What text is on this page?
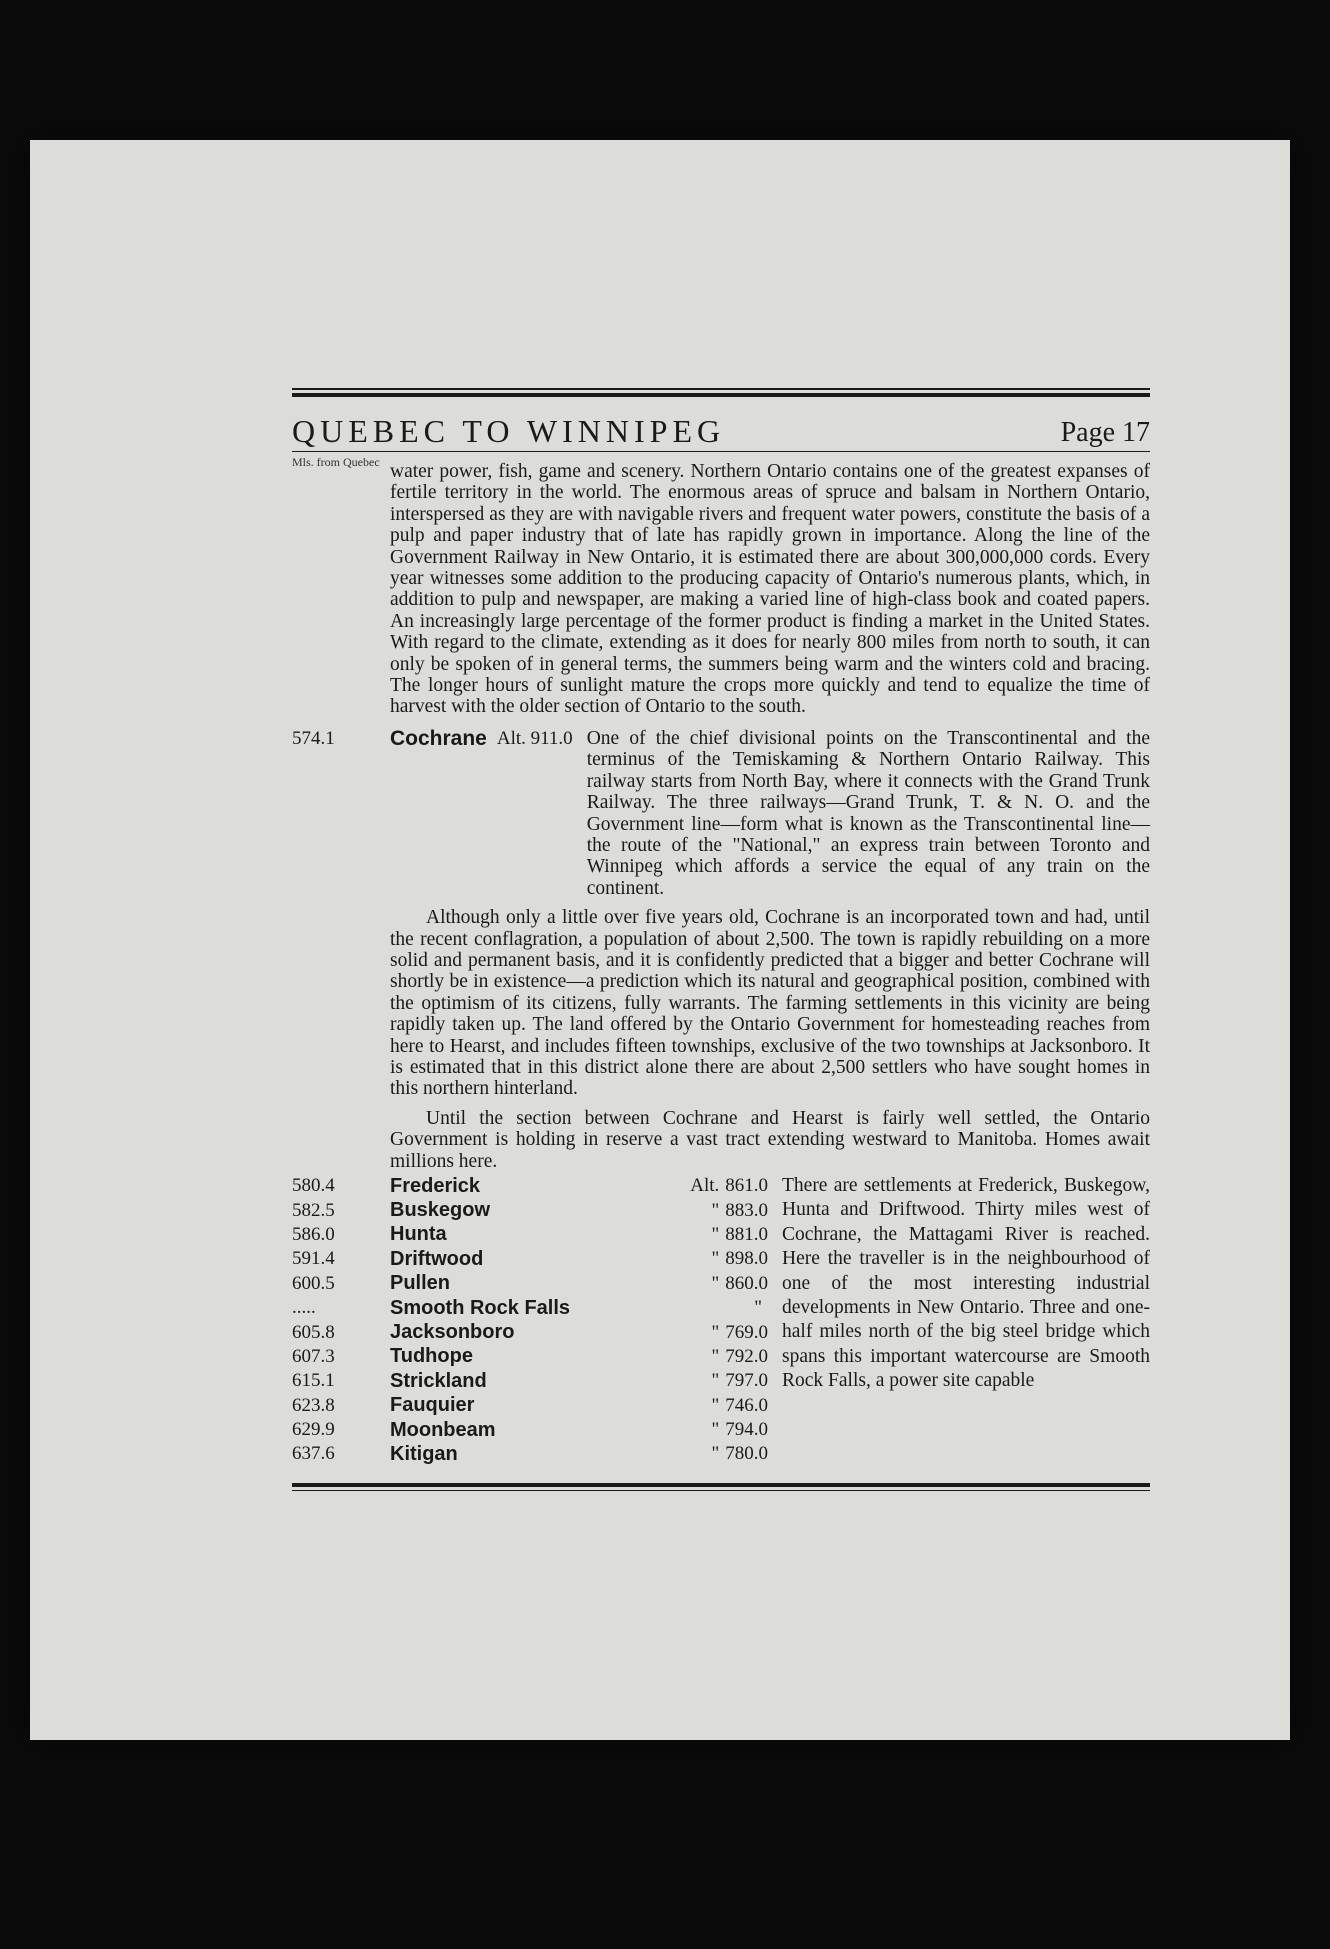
QUEBEC TO WINNIPEG	Page 17
Mls. from Quebec water power, fish, game and scenery. Northern Ontario contains one of the greatest expanses of fertile territory in the world. The enormous areas of spruce and balsam in Northern Ontario, interspersed as they are with navigable rivers and frequent water powers, constitute the basis of a pulp and paper industry that of late has rapidly grown in importance. Along the line of the Government Railway in New Ontario, it is estimated there are about 300,000,000 cords. Every year witnesses some addition to the producing capacity of Ontario's numerous plants, which, in addition to pulp and newspaper, are making a varied line of high-class book and coated papers. An increasingly large percentage of the former product is finding a market in the United States. With regard to the climate, extending as it does for nearly 800 miles from north to south, it can only be spoken of in general terms, the summers being warm and the winters cold and bracing. The longer hours of sunlight mature the crops more quickly and tend to equalize the time of harvest with the older section of Ontario to the south.
574.1	Cochrane Alt. 911.0 One of the chief divisional points on the Transcontinental and the terminus of the Temiskaming & Northern Ontario Railway. This railway starts from North Bay, where it connects with the Grand Trunk Railway. The three railways—Grand Trunk, T. & N. O. and the Government line—form what is known as the Transcontinental line—the route of the "National," an express train between Toronto and Winnipeg which affords a service the equal of any train on the continent.
Although only a little over five years old, Cochrane is an incorporated town and had, until the recent conflagration, a population of about 2,500. The town is rapidly rebuilding on a more solid and permanent basis, and it is confidently predicted that a bigger and better Cochrane will shortly be in existence—a prediction which its natural and geographical position, combined with the optimism of its citizens, fully warrants. The farming settlements in this vicinity are being rapidly taken up. The land offered by the Ontario Government for homesteading reaches from here to Hearst, and includes fifteen townships, exclusive of the two townships at Jacksonboro. It is estimated that in this district alone there are about 2,500 settlers who have sought homes in this northern hinterland.
Until the section between Cochrane and Hearst is fairly well settled, the Ontario Government is holding in reserve a vast tract extending westward to Manitoba. Homes await millions here.
580.4	Frederick	Alt. 861.0
582.5	Buskegow	" 883.0
586.0	Hunta	" 881.0
591.4	Driftwood	" 898.0
600.5	Pullen	" 860.0
.....	Smooth Rock Falls	"
605.8	Jacksonboro	" 769.0
607.3	Tudhope	" 792.0
615.1	Strickland	" 797.0
623.8	Fauquier	" 746.0
629.9	Moonbeam	" 794.0
637.6	Kitigan	" 780.0
There are settlements at Frederick, Buskegow, Hunta and Driftwood. Thirty miles west of Cochrane, the Mattagami River is reached. Here the traveller is in the neighbourhood of one of the most interesting industrial developments in New Ontario. Three and one-half miles north of the big steel bridge which spans this important watercourse are Smooth Rock Falls, a power site capable
